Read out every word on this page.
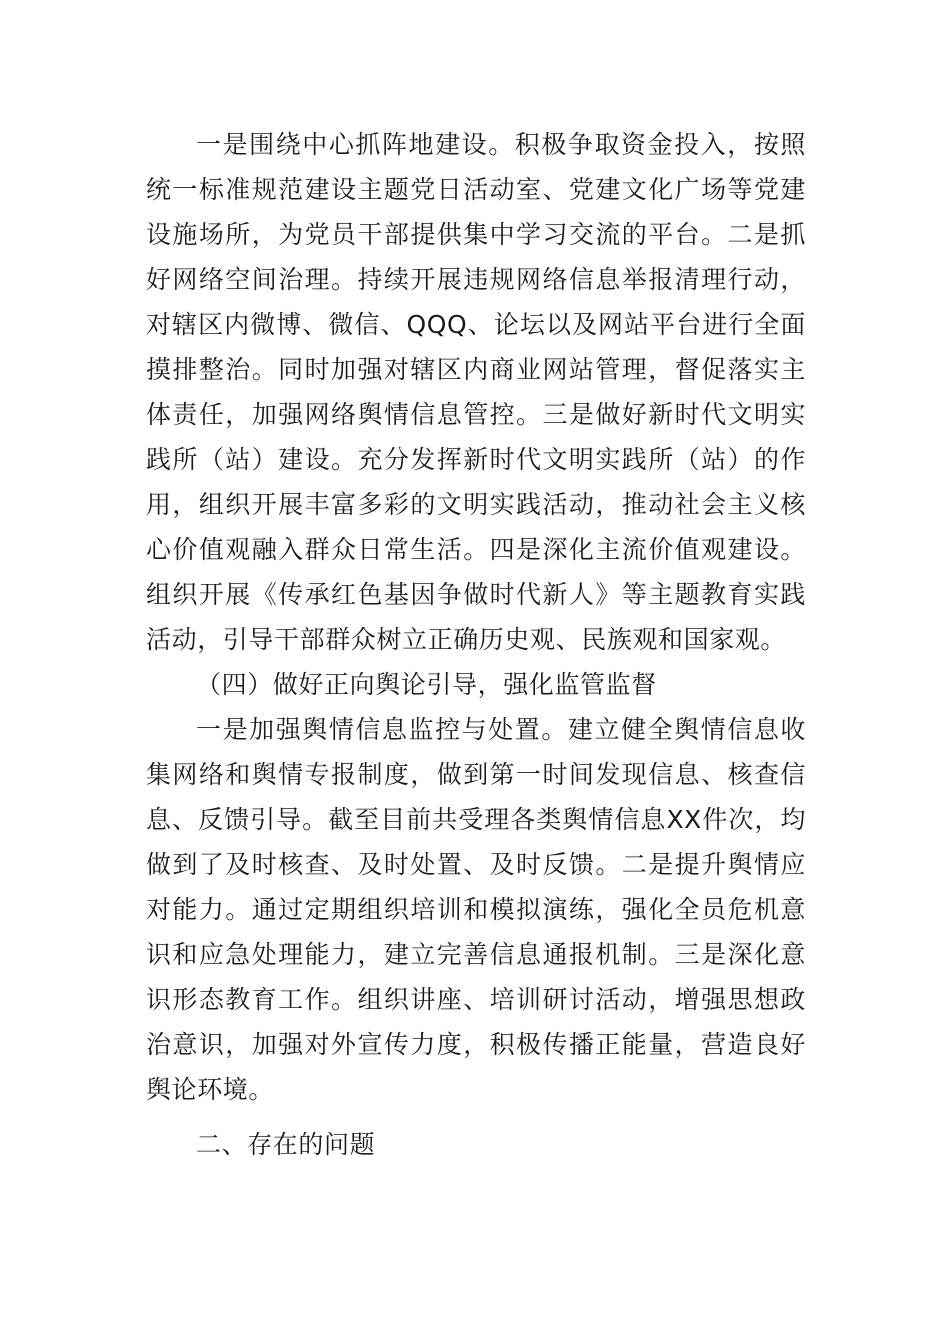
一是围绕中心抓阵地建设。积极争取资金投入，按照统一标准规范建设主题党日活动室、党建文化广场等党建设施场所，为党员干部提供集中学习交流的平台。二是抓好网络空间治理。持续开展违规网络信息举报清理行动，对辖区内微博、微信、QQQ、论坛以及网站平台进行全面摸排整治。同时加强对辖区内商业网站管理，督促落实主体责任，加强网络舆情信息管控。三是做好新时代文明实践所（站）建设。充分发挥新时代文明实践所（站）的作用，组织开展丰富多彩的文明实践活动，推动社会主义核心价值观融入群众日常生活。四是深化主流价值观建设。组织开展《传承红色基因争做时代新人》等主题教育实践活动，引导干部群众树立正确历史观、民族观和国家观。

（四）做好正向舆论引导，强化监管监督

一是加强舆情信息监控与处置。建立健全舆情信息收集网络和舆情专报制度，做到第一时间发现信息、核查信息、反馈引导。截至目前共受理各类舆情信息XX件次，均做到了及时核查、及时处置、及时反馈。二是提升舆情应对能力。通过定期组织培训和模拟演练，强化全员危机意识和应急处理能力，建立完善信息通报机制。三是深化意识形态教育工作。组织讲座、培训研讨活动，增强思想政治意识，加强对外宣传力度，积极传播正能量，营造良好舆论环境。

二、存在的问题
